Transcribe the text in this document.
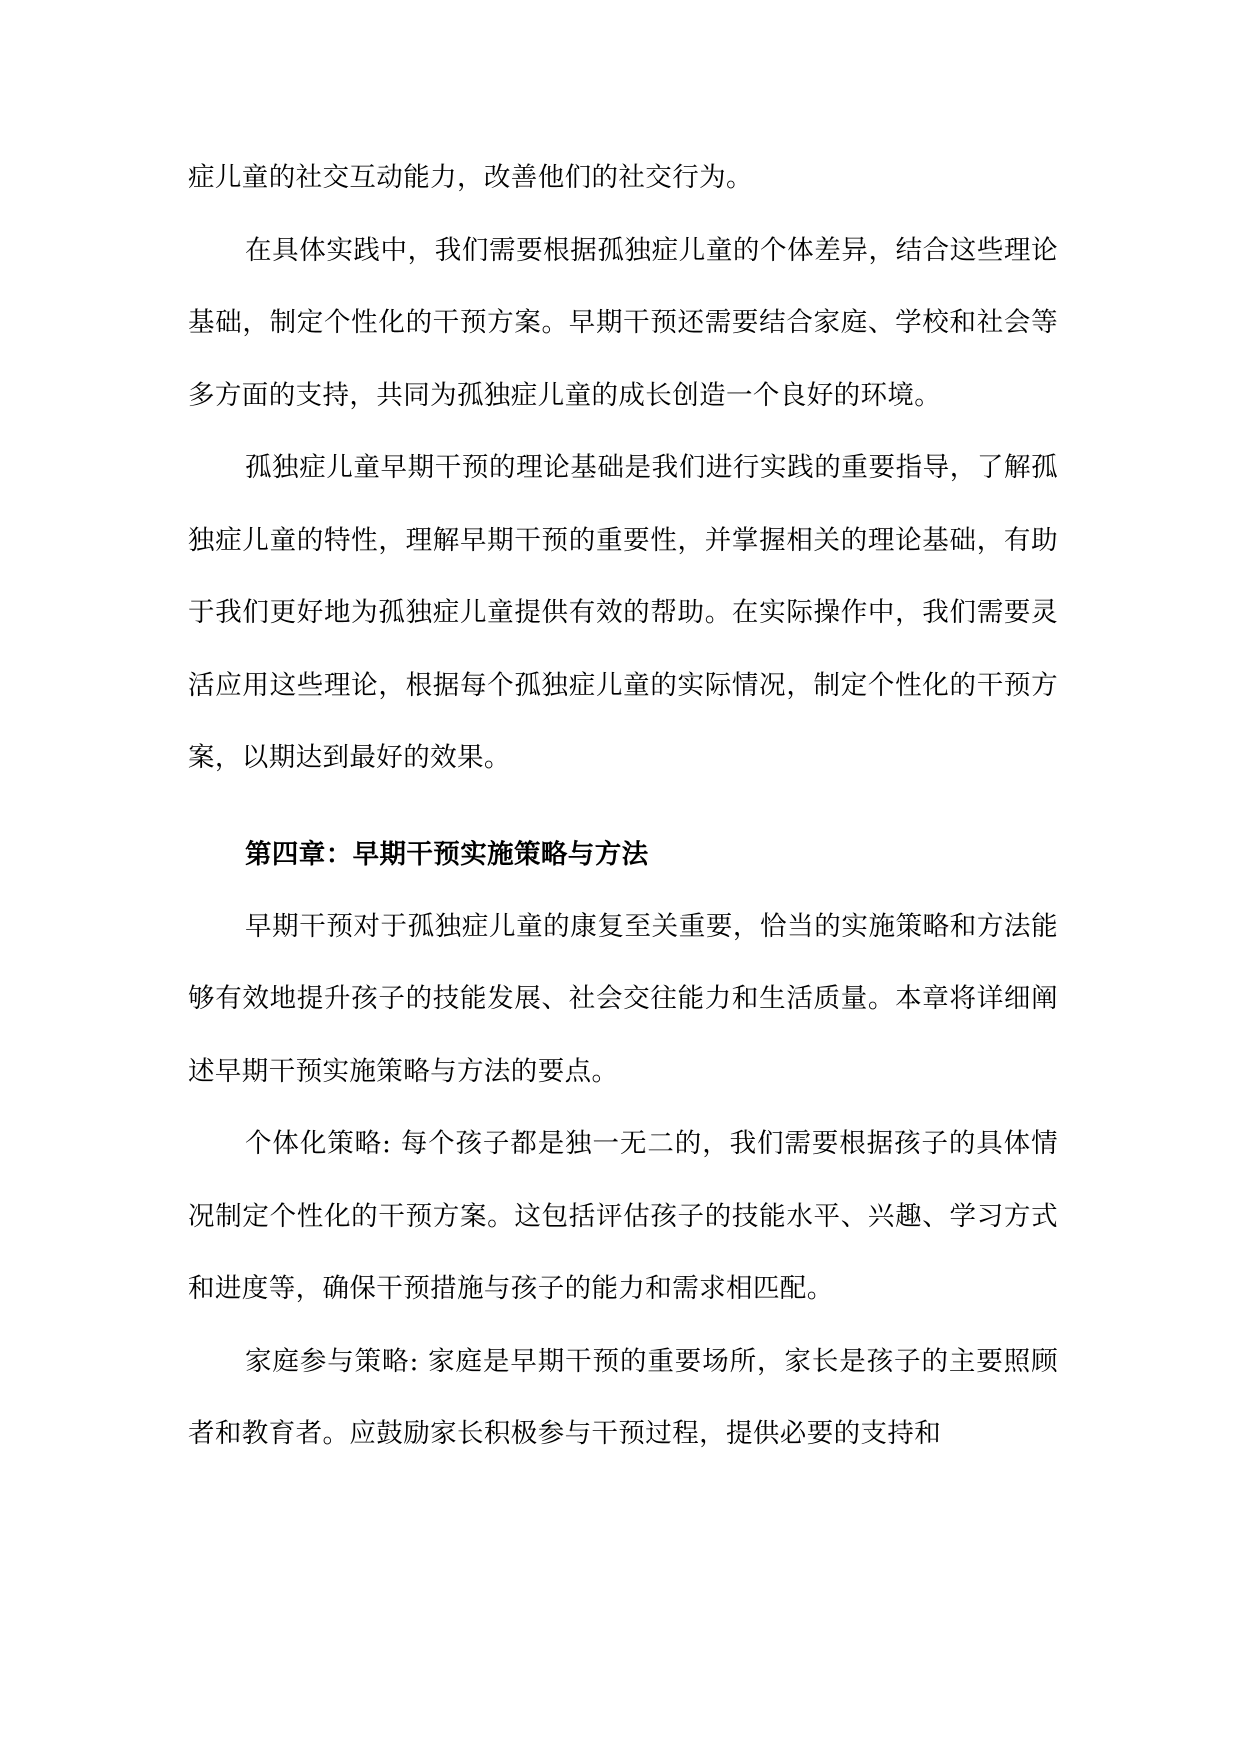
症儿童的社交互动能力，改善他们的社交行为。

在具体实践中，我们需要根据孤独症儿童的个体差异，结合这些理论基础，制定个性化的干预方案。早期干预还需要结合家庭、学校和社会等多方面的支持，共同为孤独症儿童的成长创造一个良好的环境。

孤独症儿童早期干预的理论基础是我们进行实践的重要指导，了解孤独症儿童的特性，理解早期干预的重要性，并掌握相关的理论基础，有助于我们更好地为孤独症儿童提供有效的帮助。在实际操作中，我们需要灵活应用这些理论，根据每个孤独症儿童的实际情况，制定个性化的干预方案，以期达到最好的效果。

第四章：早期干预实施策略与方法

早期干预对于孤独症儿童的康复至关重要，恰当的实施策略和方法能够有效地提升孩子的技能发展、社会交往能力和生活质量。本章将详细阐述早期干预实施策略与方法的要点。

个体化策略: 每个孩子都是独一无二的，我们需要根据孩子的具体情况制定个性化的干预方案。这包括评估孩子的技能水平、兴趣、学习方式和进度等，确保干预措施与孩子的能力和需求相匹配。

家庭参与策略: 家庭是早期干预的重要场所，家长是孩子的主要照顾者和教育者。应鼓励家长积极参与干预过程，提供必要的支持和
